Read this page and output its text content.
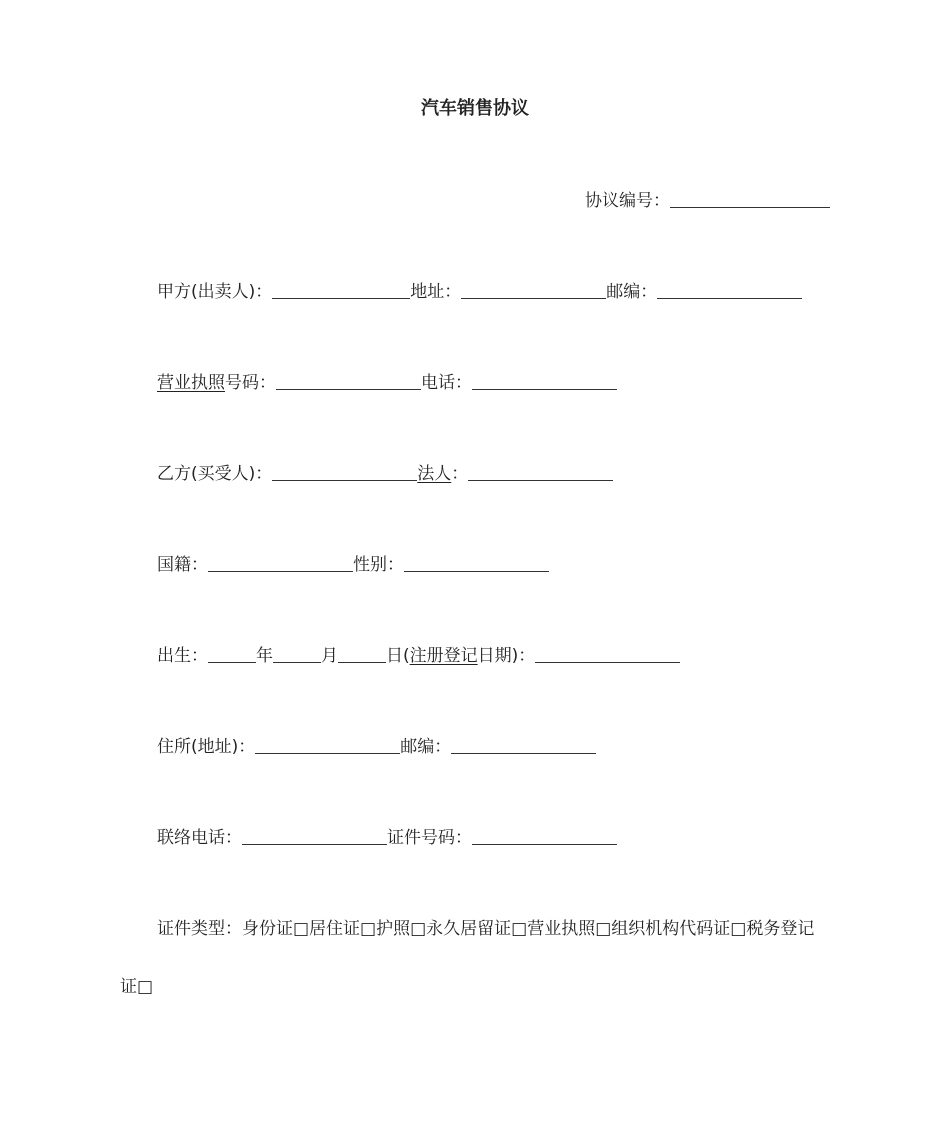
汽车销售协议
协议编号：
甲方(出卖人)：	地址：	邮编：
营业执照号码：	电话：
乙方(买受人)：	法人：
国籍：	性别：
出生：	年	月	日(注册登记日期)：
住所(地址)：	邮编：
联络电话：	证件号码：
证件类型：身份证□居住证□护照□永久居留证□营业执照□组织机构代码证□税务登记
证□
